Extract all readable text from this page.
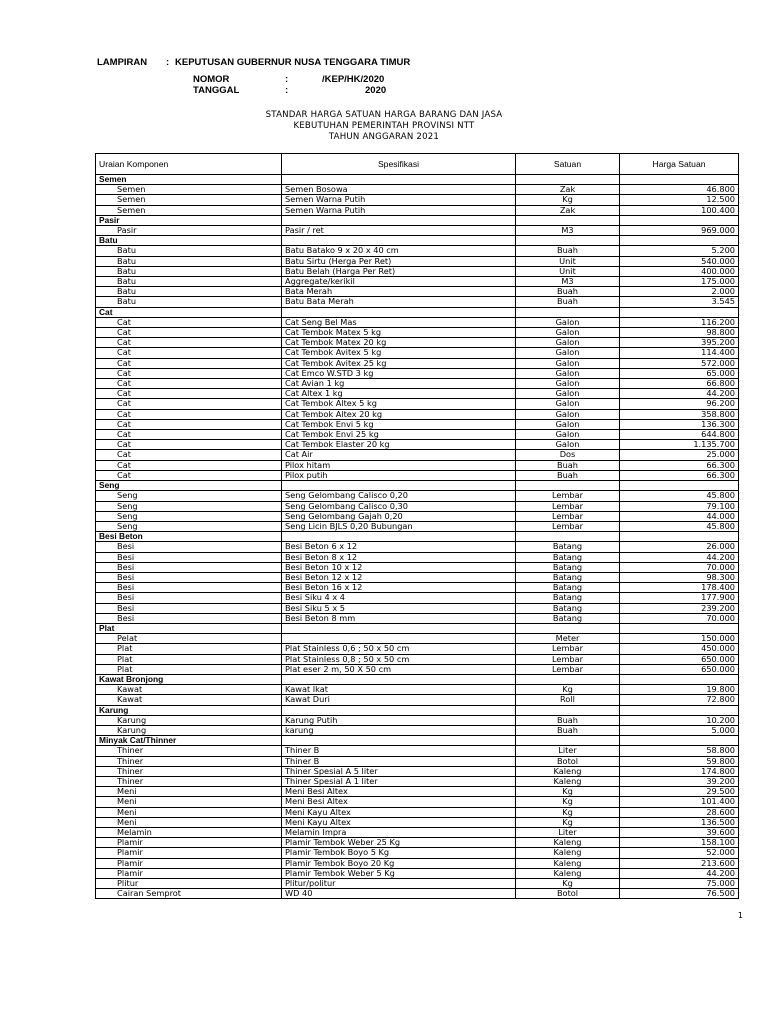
LAMPIRAN : KEPUTUSAN GUBERNUR NUSA TENGGARA TIMUR
NOMOR	:	/KEP/HK/2020
TANGGAL	:	2020
STANDAR HARGA SATUAN HARGA BARANG DAN JASA
KEBUTUHAN PEMERINTAH PROVINSI NTT
TAHUN ANGGARAN 2021
Uraian Komponen	Spesifikasi	Satuan	Harga Satuan
Semen			
Semen	Semen Bosowa	Zak	46.800
Semen	Semen Warna Putih	Kg	12.500
Semen	Semen Warna Putih	Zak	100.400
Pasir			
Pasir	Pasir / ret	M3	969.000
Batu			
Batu	Batu Batako 9 x 20 x 40 cm	Buah	5.200
Batu	Batu Sirtu (Herga Per Ret)	Unit	540.000
Batu	Batu Belah (Harga Per Ret)	Unit	400.000
Batu	Aggregate/kerikil	M3	175.000
Batu	Bata Merah	Buah	2.000
Batu	Batu Bata Merah	Buah	3.545
Cat			
Cat	Cat Seng Bel Mas	Galon	116.200
Cat	Cat Tembok Matex 5 kg	Galon	98.800
Cat	Cat Tembok Matex 20 kg	Galon	395.200
Cat	Cat Tembok Avitex 5 kg	Galon	114.400
Cat	Cat Tembok Avitex 25 kg	Galon	572.000
Cat	Cat Emco W.STD 3 kg	Galon	65.000
Cat	Cat Avian 1 kg	Galon	66.800
Cat	Cat Altex 1 kg	Galon	44.200
Cat	Cat Tembok Altex 5 kg	Galon	96.200
Cat	Cat Tembok Altex 20 kg	Galon	358.800
Cat	Cat Tembok Envi 5 kg	Galon	136.300
Cat	Cat Tembok Envi 25 kg	Galon	644.800
Cat	Cat Tembok Elaster 20 kg	Galon	1.135.700
Cat	Cat Air	Dos	25.000
Cat	Pilox hitam	Buah	66.300
Cat	Pilox putih	Buah	66.300
Seng			
Seng	Seng Gelombang Calisco 0,20	Lembar	45.800
Seng	Seng Gelombang Calisco 0,30	Lembar	79.100
Seng	Seng Gelombang Gajah 0,20	Lembar	44.000
Seng	Seng Licin BJLS 0,20 Bubungan	Lembar	45.800
Besi Beton			
Besi	Besi Beton 6 x 12	Batang	26.000
Besi	Besi Beton 8 x 12	Batang	44.200
Besi	Besi Beton 10 x 12	Batang	70.000
Besi	Besi Beton 12 x 12	Batang	98.300
Besi	Besi Beton 16 x 12	Batang	178.400
Besi	Besi Siku 4 x 4	Batang	177.900
Besi	Besi Siku 5 x 5	Batang	239.200
Besi	Besi Beton 8 mm	Batang	70.000
Plat			
Pelat		Meter	150.000
Plat	Plat Stainless 0,6 ; 50 x 50 cm	Lembar	450.000
Plat	Plat Stainless 0,8 ; 50 x 50 cm	Lembar	650.000
Plat	Plat eser 2 m, 50 X 50 cm	Lembar	650.000
Kawat Bronjong			
Kawat	Kawat Ikat	Kg	19.800
Kawat	Kawat Duri	Roll	72.800
Karung			
Karung	Karung Putih	Buah	10.200
Karung	karung	Buah	5.000
Minyak Cat/Thinner			
Thiner	Thiner B	Liter	58.800
Thiner	Thiner B	Botol	59.800
Thiner	Thiner Spesial A 5 liter	Kaleng	174.800
Thiner	Thiner Spesial A 1 liter	Kaleng	39.200
Meni	Meni Besi Altex	Kg	29.500
Meni	Meni Besi Altex	Kg	101.400
Meni	Meni Kayu Altex	Kg	28.600
Meni	Meni Kayu Altex	Kg	136.500
Melamin	Melamin Impra	Liter	39.600
Plamir	Plamir Tembok Weber 25 Kg	Kaleng	158.100
Plamir	Plamir Tembok Boyo 5 Kg	Kaleng	52.000
Plamir	Plamir Tembok Boyo 20 Kg	Kaleng	213.600
Plamir	Plamir Tembok Weber 5 Kg	Kaleng	44.200
Plitur	Plitur/politur	Kg	75.000
Cairan Semprot	WD 40	Botol	76.500
1
